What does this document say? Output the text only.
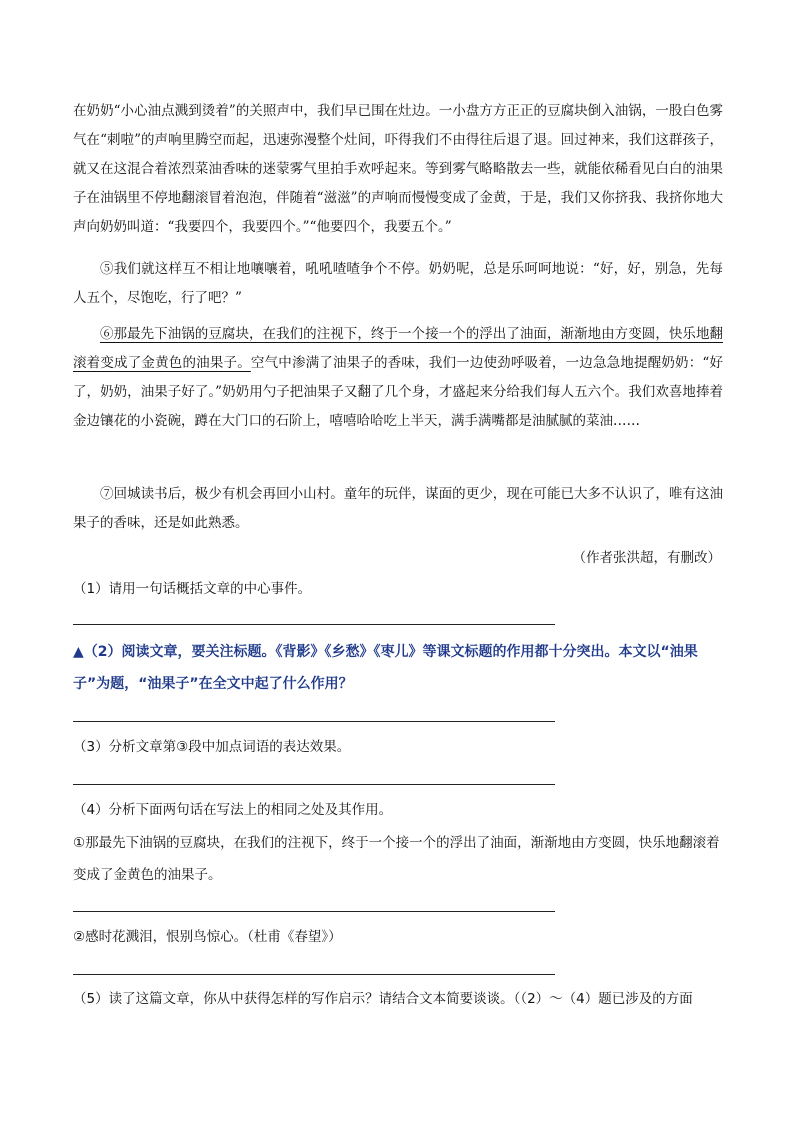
在奶奶“小心油点溅到烫着”的关照声中，我们早已围在灶边。一小盘方方正正的豆腐块倒入油锅，一股白色雾气在“刺啦”的声响里腾空而起，迅速弥漫整个灶间，吓得我们不由得往后退了退。回过神来，我们这群孩子，就又在这混合着浓烈菜油香味的迷蒙雾气里拍手欢呼起来。等到雾气略略散去一些，就能依稀看见白白的油果子在油锅里不停地翻滚冒着泡泡，伴随着“滋滋”的声响而慢慢变成了金黄，于是，我们又你挤我、我挤你地大声向奶奶叫道：“我要四个，我要四个。”“他要四个，我要五个。”

⑤我们就这样互不相让地嚷嚷着，吼吼喳喳争个不停。奶奶呢，总是乐呵呵地说：“好，好，别急，先每人五个，尽饱吃，行了吧？”

⑥那最先下油锅的豆腐块，在我们的注视下，终于一个接一个的浮出了油面，渐渐地由方变圆，快乐地翻滚着变成了金黄色的油果子。空气中渗满了油果子的香味，我们一边使劲呼吸着，一边急急地提醒奶奶：“好了，奶奶，油果子好了。”奶奶用勺子把油果子又翻了几个身，才盛起来分给我们每人五六个。我们欢喜地捧着金边镶花的小瓷碗，蹲在大门口的石阶上，嘻嘻哈哈吃上半天，满手满嘴都是油腻腻的菜油……

⑦回城读书后，极少有机会再回小山村。童年的玩伴，谋面的更少，现在可能已大多不认识了，唯有这油果子的香味，还是如此熟悉。

（作者张洪超，有删改）

（1）请用一句话概括文章的中心事件。

▲（2）阅读文章，要关注标题。《背影》《乡愁》《枣儿》等课文标题的作用都十分突出。本文以“油果子”为题，“油果子”在全文中起了什么作用？

（3）分析文章第③段中加点词语的表达效果。

（4）分析下面两句话在写法上的相同之处及其作用。

①那最先下油锅的豆腐块，在我们的注视下，终于一个接一个的浮出了油面，渐渐地由方变圆，快乐地翻滚着变成了金黄色的油果子。

②感时花溅泪，恨别鸟惊心。（杜甫《春望》）

（5）读了这篇文章，你从中获得怎样的写作启示？请结合文本简要谈谈。（（2）～（4）题已涉及的方面
